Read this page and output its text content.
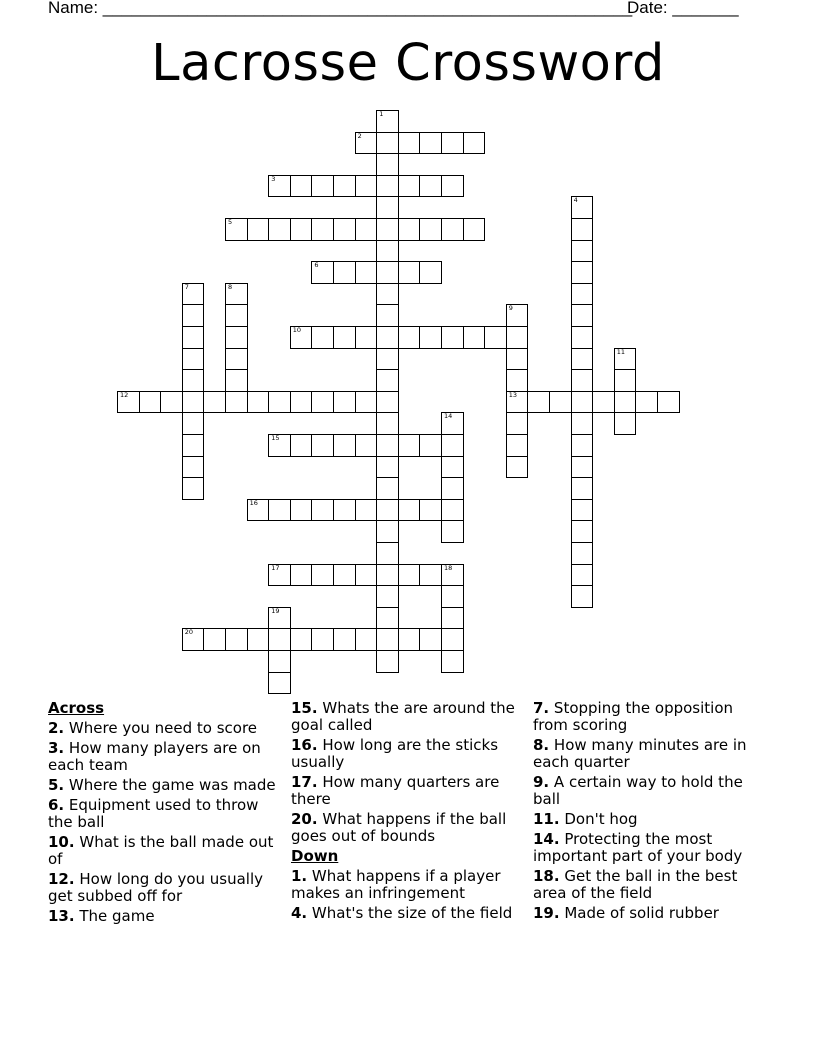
Name: ________________________________________________________
Date: _______
Lacrosse Crossword
1
2
3
4
5
6
7	8
9
13
10
11
12
14
15
16
17	18
19
20
Across
2. Where you need to score
3. How many players are on each team
5. Where the game was made
6. Equipment used to throw the ball
10. What is the ball made out of
12. How long do you usually get subbed off for
13. The game
15. Whats the are around the goal called
16. How long are the sticks usually
17. How many quarters are there
20. What happens if the ball goes out of bounds
Down
1. What happens if a player makes an infringement
4. What's the size of the field
7. Stopping the opposition from scoring
8. How many minutes are in each quarter
9. A certain way to hold the ball
11. Don't hog
14. Protecting the most important part of your body
18. Get the ball in the best area of the field
19. Made of solid rubber
